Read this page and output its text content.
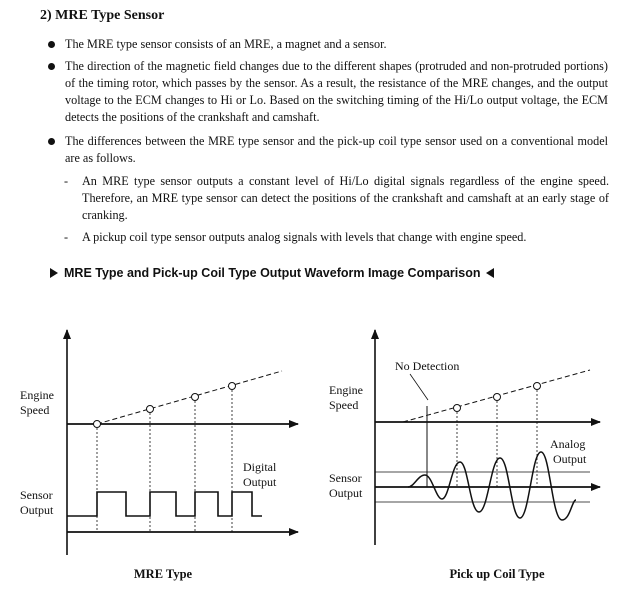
2) MRE Type Sensor
The MRE type sensor consists of an MRE, a magnet and a sensor.
The direction of the magnetic field changes due to the different shapes (protruded and non-protruded portions) of the timing rotor, which passes by the sensor. As a result, the resistance of the MRE changes, and the output voltage to the ECM changes to Hi or Lo. Based on the switching timing of the Hi/Lo output voltage, the ECM detects the positions of the crankshaft and camshaft.
The differences between the MRE type sensor and the pick-up coil type sensor used on a conventional model are as follows.
- An MRE type sensor outputs a constant level of Hi/Lo digital signals regardless of the engine speed. Therefore, an MRE type sensor can detect the positions of the crankshaft and camshaft at an early stage of cranking.
- A pickup coil type sensor outputs analog signals with levels that change with engine speed.
MRE Type and Pick-up Coil Type Output Waveform Image Comparison
Engine
Speed
Sensor
Output
Digital
Output
MRE Type
Engine
Speed
Sensor
Output
No Detection
Analog
Output
Pick up Coil Type
